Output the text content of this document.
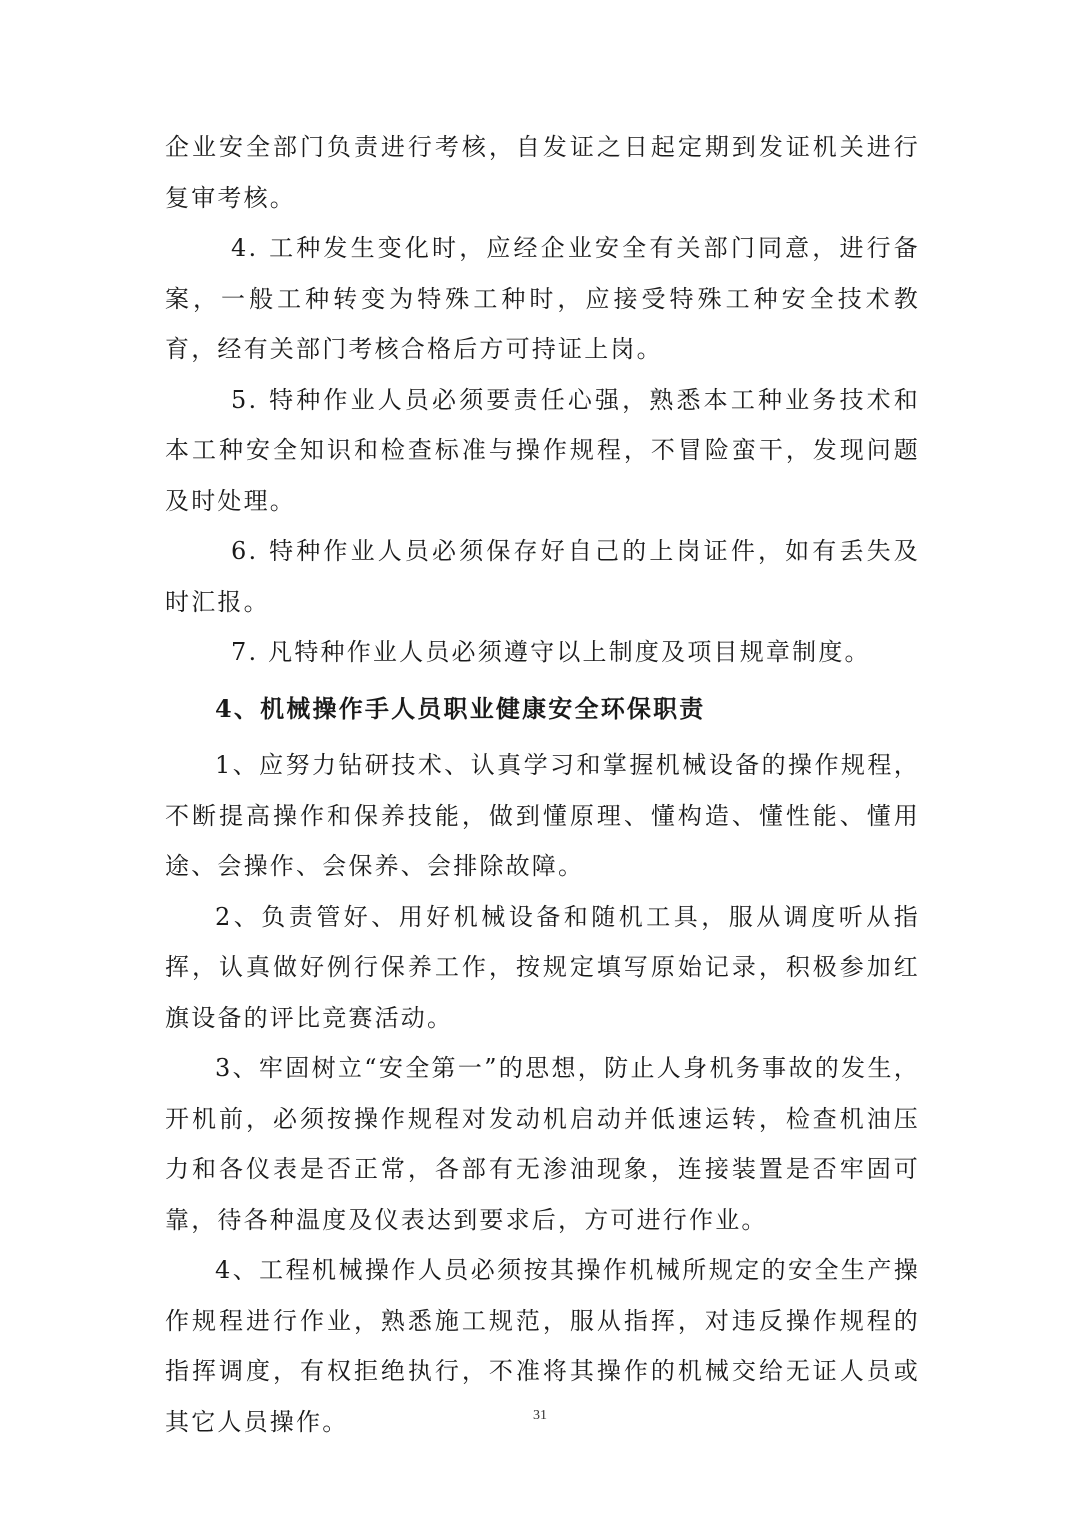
企业安全部门负责进行考核，自发证之日起定期到发证机关进行复审考核。

4. 工种发生变化时，应经企业安全有关部门同意，进行备案，一般工种转变为特殊工种时，应接受特殊工种安全技术教育，经有关部门考核合格后方可持证上岗。

5. 特种作业人员必须要责任心强，熟悉本工种业务技术和本工种安全知识和检查标准与操作规程，不冒险蛮干，发现问题及时处理。

6. 特种作业人员必须保存好自己的上岗证件，如有丢失及时汇报。

7. 凡特种作业人员必须遵守以上制度及项目规章制度。

4、机械操作手人员职业健康安全环保职责

1、应努力钻研技术、认真学习和掌握机械设备的操作规程，不断提高操作和保养技能，做到懂原理、懂构造、懂性能、懂用途、会操作、会保养、会排除故障。

2、负责管好、用好机械设备和随机工具，服从调度听从指挥，认真做好例行保养工作，按规定填写原始记录，积极参加红旗设备的评比竞赛活动。

3、牢固树立“安全第一”的思想，防止人身机务事故的发生，开机前，必须按操作规程对发动机启动并低速运转，检查机油压力和各仪表是否正常，各部有无渗油现象，连接装置是否牢固可靠，待各种温度及仪表达到要求后，方可进行作业。

4、工程机械操作人员必须按其操作机械所规定的安全生产操作规程进行作业，熟悉施工规范，服从指挥，对违反操作规程的指挥调度，有权拒绝执行，不准将其操作的机械交给无证人员或其它人员操作。	31
